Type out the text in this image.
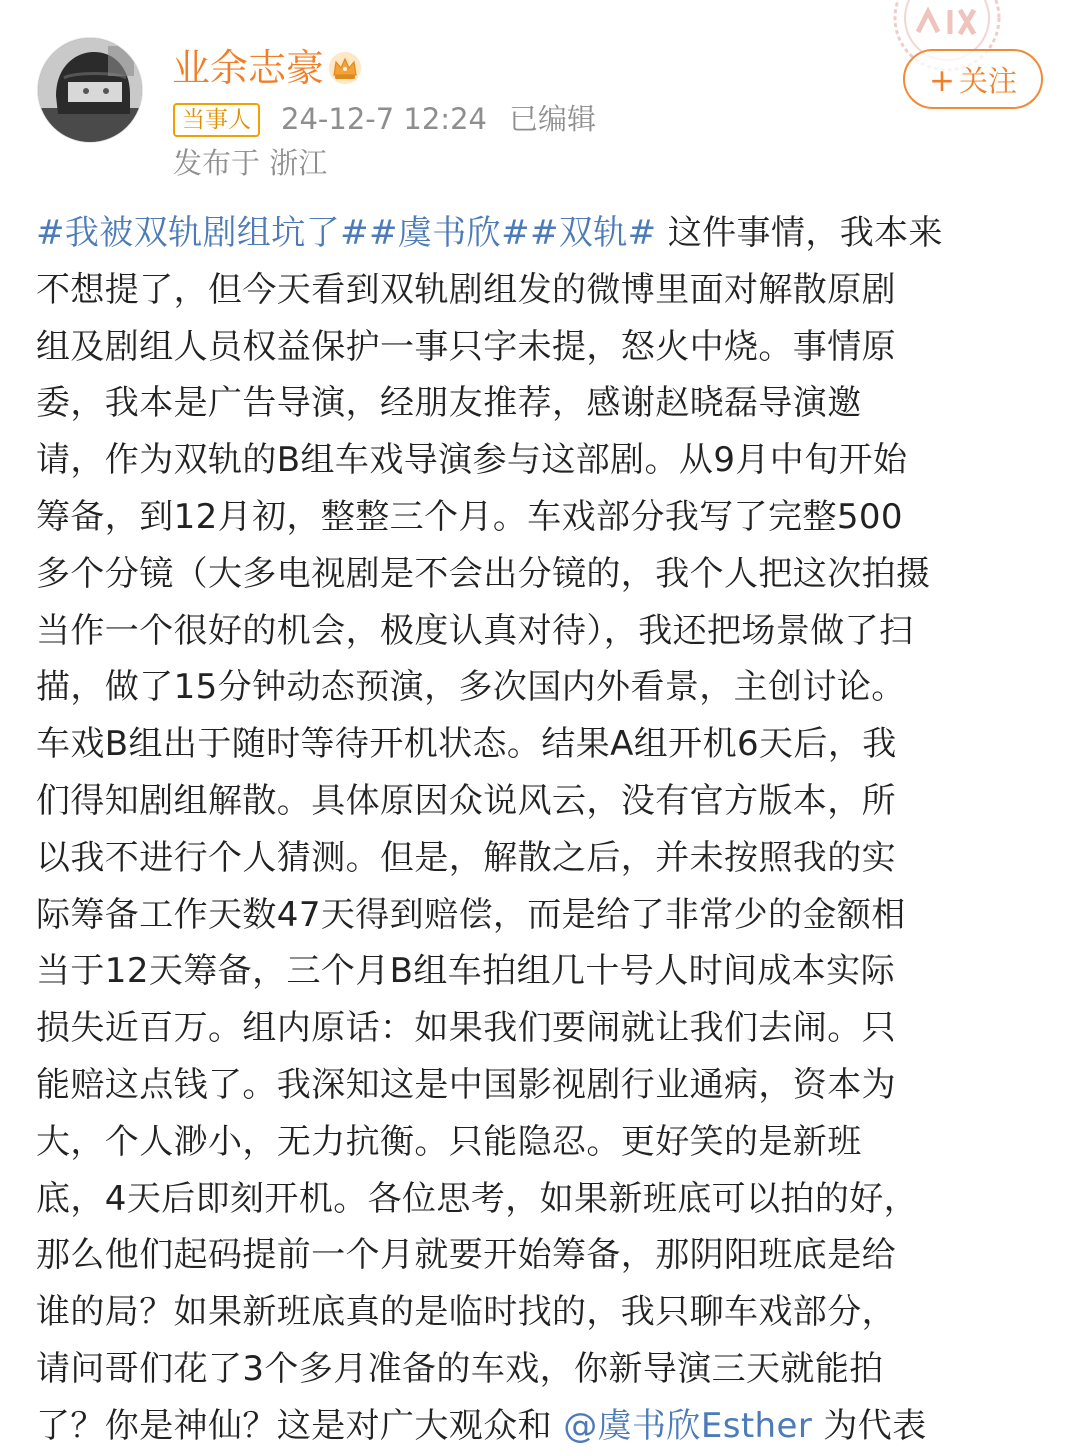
业余志豪
当事人	24-12-7 12:24 已编辑
发布于 浙江
+ 关注
#我被双轨剧组坑了##虞书欣##双轨# 这件事情，我本来
不想提了，但今天看到双轨剧组发的微博里面对解散原剧
组及剧组人员权益保护一事只字未提，怒火中烧。事情原
委，我本是广告导演，经朋友推荐，感谢赵晓磊导演邀
请，作为双轨的B组车戏导演参与这部剧。从9月中旬开始
筹备，到12月初，整整三个月。车戏部分我写了完整500
多个分镜（大多电视剧是不会出分镜的，我个人把这次拍摄
当作一个很好的机会，极度认真对待），我还把场景做了扫
描，做了15分钟动态预演，多次国内外看景，主创讨论。
车戏B组出于随时等待开机状态。结果A组开机6天后，我
们得知剧组解散。具体原因众说风云，没有官方版本，所
以我不进行个人猜测。但是，解散之后，并未按照我的实
际筹备工作天数47天得到赔偿，而是给了非常少的金额相
当于12天筹备，三个月B组车拍组几十号人时间成本实际
损失近百万。组内原话：如果我们要闹就让我们去闹。只
能赔这点钱了。我深知这是中国影视剧行业通病，资本为
大，个人渺小，无力抗衡。只能隐忍。更好笑的是新班
底，4天后即刻开机。各位思考，如果新班底可以拍的好，
那么他们起码提前一个月就要开始筹备，那阴阳班底是给
谁的局？如果新班底真的是临时找的，我只聊车戏部分，
请问哥们花了3个多月准备的车戏，你新导演三天就能拍
了？你是神仙？这是对广大观众和 @虞书欣Esther 为代表
